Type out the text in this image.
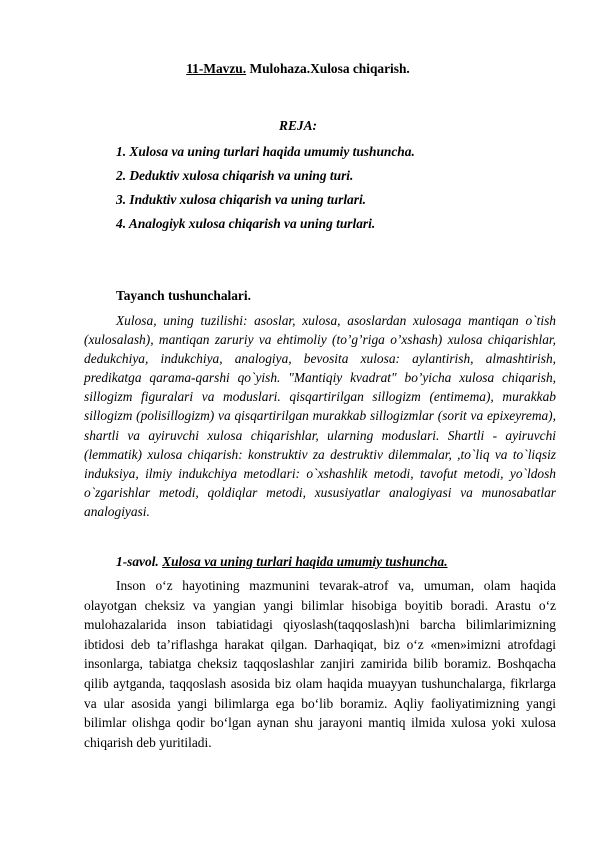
11-Mavzu. Mulohaza.Xulosa chiqarish.
REJA:
1. Xulosa va uning turlari haqida umumiy tushuncha.
2. Deduktiv xulosa chiqarish va uning turi.
3. Induktiv xulosa chiqarish va uning turlari.
4. Analogiyk xulosa chiqarish va uning turlari.
Tayanch tushunchalari.

Xulosa, uning tuzilishi: asoslar, xulosa, asoslardan xulosaga mantiqan o`tish (xulosalash), mantiqan zaruriy va ehtimoliy (to’g’riga o’xshash) xulosa chiqarishlar, dedukchiya, indukchiya, analogiya, bevosita xulosa: aylantirish, almashtirish, predikatga qarama-qarshi qo`yish. "Mantiqiy kvadrat" bo’yicha xulosa chiqarish, sillogizm figuralari va moduslari. qisqartirilgan sillogizm (entimema), murakkab sillogizm (polisillogizm) va qisqartirilgan murakkab sillogizmlar (sorit va epixeyrema), shartli va ayiruvchi xulosa chiqarishlar, ularning moduslari. Shartli - ayiruvchi (lemmatik) xulosa chiqarish: konstruktiv za destruktiv dilemmalar, ,to`liq va to`liqsiz induksiya, ilmiy indukchiya metodlari: o`xshashlik metodi, tavofut metodi, yo`ldosh o`zgarishlar metodi, qoldiqlar metodi, xususiyatlar analogiyasi va munosabatlar analogiyasi.

1-savol. Xulosa va uning turlari haqida umumiy tushuncha.

Inson o‘z hayotining mazmunini tevarak-atrof va, umuman, olam haqida olayotgan cheksiz va yangian yangi bilimlar hisobiga boyitib boradi. Arastu o‘z mulohazalarida inson tabiatidagi qiyoslash(taqqoslash)ni barcha bilimlarimizning ibtidosi deb ta’riflashga harakat qilgan. Darhaqiqat, biz o‘z «men»imizni atrofdagi insonlarga, tabiatga cheksiz taqqoslashlar zanjiri zamirida bilib boramiz. Boshqacha qilib aytganda, taqqoslash asosida biz olam haqida muayyan tushunchalarga, fikrlarga va ular asosida yangi bilimlarga ega bo‘lib boramiz. Aqliy faoliyatimizning yangi bilimlar olishga qodir bo‘lgan aynan shu jarayoni mantiq ilmida xulosa yoki xulosa chiqarish deb yuritiladi.
